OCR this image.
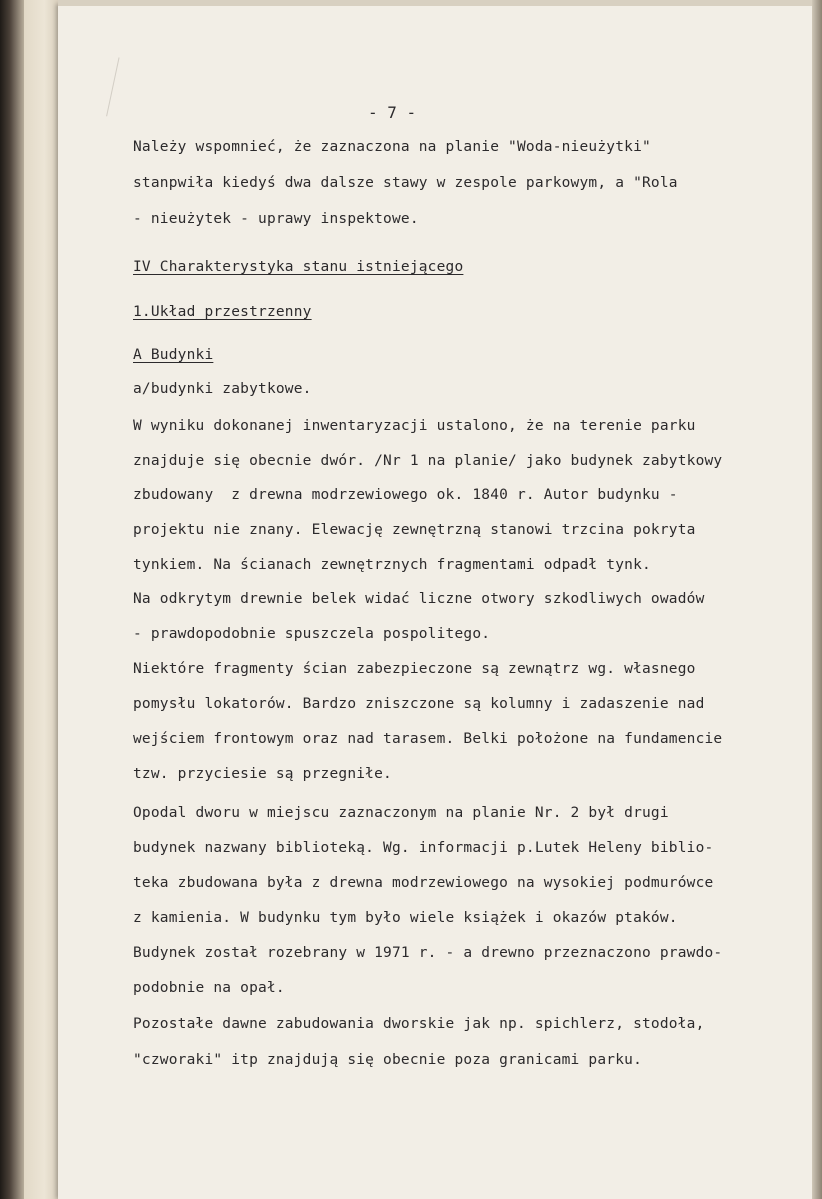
- 7 -

Należy wspomnieć, że zaznaczona na planie "Woda-nieużytki"

stanpwiła kiedyś dwa dalsze stawy w zespole parkowym, a "Rola

- nieużytek - uprawy inspektowe.

IV Charakterystyka stanu istniejącego

1.Układ przestrzenny

A Budynki

a/budynki zabytkowe.

W wyniku dokonanej inwentaryzacji ustalono, że na terenie parku

znajduje się obecnie dwór. /Nr 1 na planie/ jako budynek zabytkowy

zbudowany  z drewna modrzewiowego ok. 1840 r. Autor budynku -

projektu nie znany. Elewację zewnętrzną stanowi trzcina pokryta

tynkiem. Na ścianach zewnętrznych fragmentami odpadł tynk.

Na odkrytym drewnie belek widać liczne otwory szkodliwych owadów

- prawdopodobnie spuszczela pospolitego.

Niektóre fragmenty ścian zabezpieczone są zewnątrz wg. własnego

pomysłu lokatorów. Bardzo zniszczone są kolumny i zadaszenie nad

wejściem frontowym oraz nad tarasem. Belki położone na fundamencie

tzw. przyciesie są przegniłe.

Opodal dworu w miejscu zaznaczonym na planie Nr. 2 był drugi

budynek nazwany biblioteką. Wg. informacji p.Lutek Heleny biblio-

teka zbudowana była z drewna modrzewiowego na wysokiej podmurówce

z kamienia. W budynku tym było wiele książek i okazów ptaków.

Budynek został rozebrany w 1971 r. - a drewno przeznaczono prawdo-

podobnie na opał.

Pozostałe dawne zabudowania dworskie jak np. spichlerz, stodoła,

"czworaki" itp znajdują się obecnie poza granicami parku.
